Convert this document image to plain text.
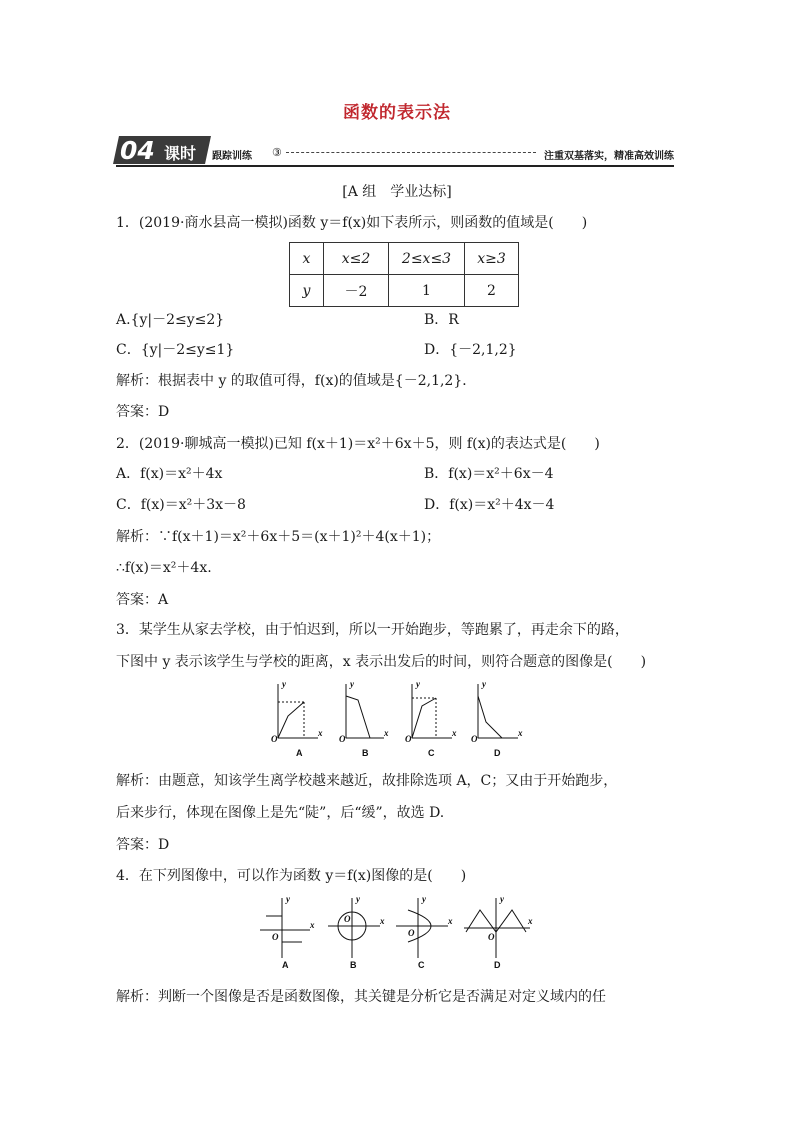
函数的表示法
04 课时 跟踪训练 ③	注重双基落实，精准高效训练
[A 组　学业达标]
1．(2019·商水县高一模拟)函数 y＝f(x)如下表所示，则函数的值域是(　　)
x	x≤2	2≤x≤3	x≥3
y	－2	1	2
A.{y|－2≤y≤2}	B．R
C．{y|－2≤y≤1}	D．{－2,1,2}
解析：根据表中 y 的取值可得，f(x)的值域是{－2,1,2}．
答案：D
2．(2019·聊城高一模拟)已知 f(x＋1)＝x²＋6x＋5，则 f(x)的表达式是(　　)
A．f(x)＝x²＋4x	B．f(x)＝x²＋6x－4
C．f(x)＝x²＋3x－8	D．f(x)＝x²＋4x－4
解析：∵f(x＋1)＝x²＋6x＋5＝(x＋1)²＋4(x＋1)；
∴f(x)＝x²＋4x.
答案：A
3．某学生从家去学校，由于怕迟到，所以一开始跑步，等跑累了，再走余下的路，
下图中 y 表示该学生与学校的距离，x 表示出发后的时间，则符合题意的图像是(　　)
y
O
x
A
y
O
x
B
y
O
x
C
y
O
x
D
解析：由题意，知该学生离学校越来越近，故排除选项 A，C；又由于开始跑步，
后来步行，体现在图像上是先“陡”，后“缓”，故选 D.
答案：D
4．在下列图像中，可以作为函数 y＝f(x)图像的是(　　)
y
O
x
A
y
O	x
B
y
O
x
C
y
O
x
D
解析：判断一个图像是否是函数图像，其关键是分析它是否满足对定义域内的任
